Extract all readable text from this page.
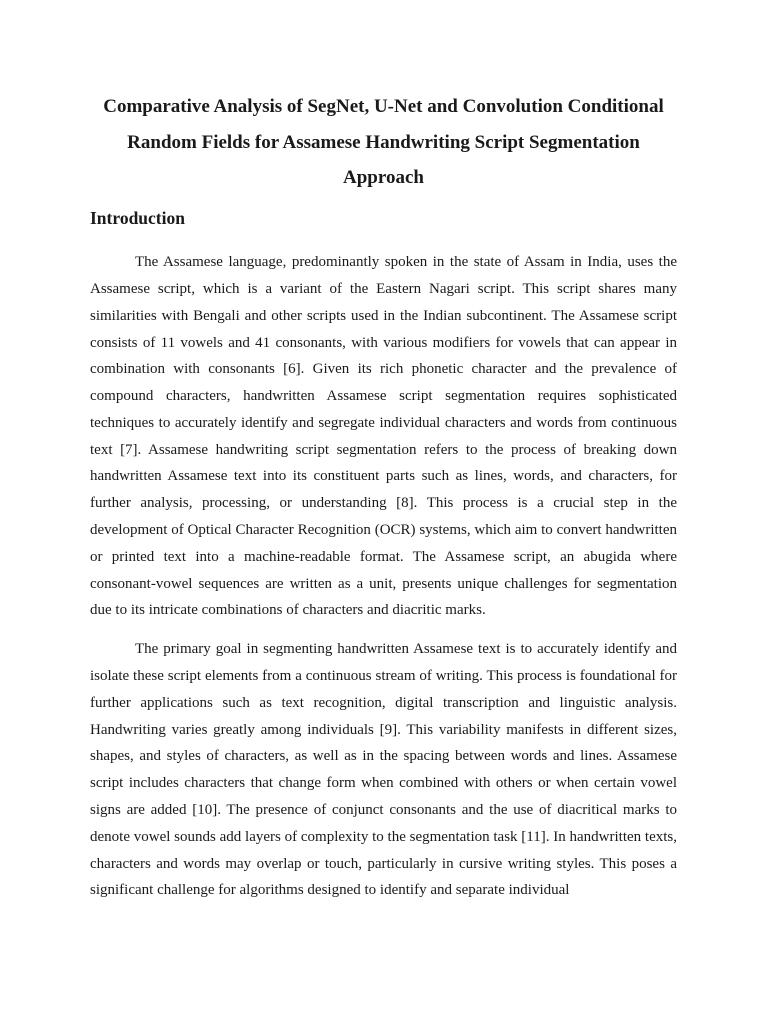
Comparative Analysis of SegNet, U-Net and Convolution Conditional Random Fields for Assamese Handwriting Script Segmentation Approach
Introduction

The Assamese language, predominantly spoken in the state of Assam in India, uses the Assamese script, which is a variant of the Eastern Nagari script. This script shares many similarities with Bengali and other scripts used in the Indian subcontinent. The Assamese script consists of 11 vowels and 41 consonants, with various modifiers for vowels that can appear in combination with consonants [6]. Given its rich phonetic character and the prevalence of compound characters, handwritten Assamese script segmentation requires sophisticated techniques to accurately identify and segregate individual characters and words from continuous text [7]. Assamese handwriting script segmentation refers to the process of breaking down handwritten Assamese text into its constituent parts such as lines, words, and characters, for further analysis, processing, or understanding [8]. This process is a crucial step in the development of Optical Character Recognition (OCR) systems, which aim to convert handwritten or printed text into a machine-readable format. The Assamese script, an abugida where consonant-vowel sequences are written as a unit, presents unique challenges for segmentation due to its intricate combinations of characters and diacritic marks.

The primary goal in segmenting handwritten Assamese text is to accurately identify and isolate these script elements from a continuous stream of writing. This process is foundational for further applications such as text recognition, digital transcription and linguistic analysis. Handwriting varies greatly among individuals [9]. This variability manifests in different sizes, shapes, and styles of characters, as well as in the spacing between words and lines. Assamese script includes characters that change form when combined with others or when certain vowel signs are added [10]. The presence of conjunct consonants and the use of diacritical marks to denote vowel sounds add layers of complexity to the segmentation task [11]. In handwritten texts, characters and words may overlap or touch, particularly in cursive writing styles. This poses a significant challenge for algorithms designed to identify and separate individual
